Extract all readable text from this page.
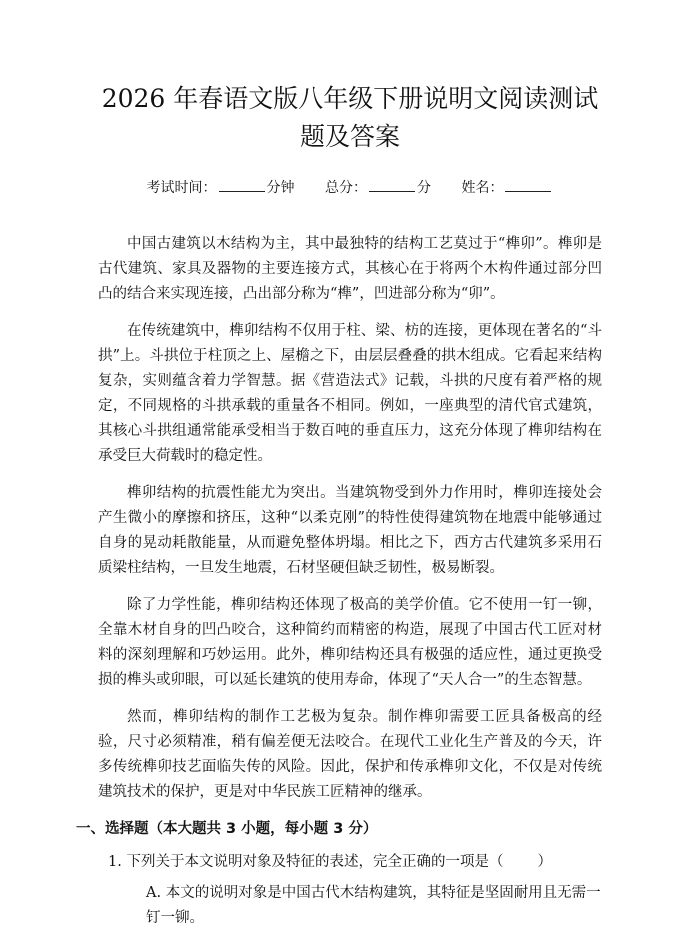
2026 年春语文版八年级下册说明文阅读测试
题及答案
考试时间：	分钟 总分：	分 姓名：

中国古建筑以木结构为主，其中最独特的结构工艺莫过于“榫卯”。榫卯是古代建筑、家具及器物的主要连接方式，其核心在于将两个木构件通过部分凹凸的结合来实现连接，凸出部分称为“榫”，凹进部分称为“卯”。

在传统建筑中，榫卯结构不仅用于柱、梁、枋的连接，更体现在著名的“斗拱”上。斗拱位于柱顶之上、屋檐之下，由层层叠叠的拱木组成。它看起来结构复杂，实则蕴含着力学智慧。据《营造法式》记载，斗拱的尺度有着严格的规定，不同规格的斗拱承载的重量各不相同。例如，一座典型的清代官式建筑，其核心斗拱组通常能承受相当于数百吨的垂直压力，这充分体现了榫卯结构在承受巨大荷载时的稳定性。

榫卯结构的抗震性能尤为突出。当建筑物受到外力作用时，榫卯连接处会产生微小的摩擦和挤压，这种“以柔克刚”的特性使得建筑物在地震中能够通过自身的晃动耗散能量，从而避免整体坍塌。相比之下，西方古代建筑多采用石质梁柱结构，一旦发生地震，石材坚硬但缺乏韧性，极易断裂。

除了力学性能，榫卯结构还体现了极高的美学价值。它不使用一钉一铆，全靠木材自身的凹凸咬合，这种简约而精密的构造，展现了中国古代工匠对材料的深刻理解和巧妙运用。此外，榫卯结构还具有极强的适应性，通过更换受损的榫头或卯眼，可以延长建筑的使用寿命，体现了“天人合一”的生态智慧。

然而，榫卯结构的制作工艺极为复杂。制作榫卯需要工匠具备极高的经验，尺寸必须精准，稍有偏差便无法咬合。在现代工业化生产普及的今天，许多传统榫卯技艺面临失传的风险。因此，保护和传承榫卯文化，不仅是对传统建筑技术的保护，更是对中华民族工匠精神的继承。

一、选择题（本大题共 3 小题，每小题 3 分）
1. 下列关于本文说明对象及特征的表述，完全正确的一项是（ ）
A. 本文的说明对象是中国古代木结构建筑，其特征是坚固耐用且无需一钉一铆。
